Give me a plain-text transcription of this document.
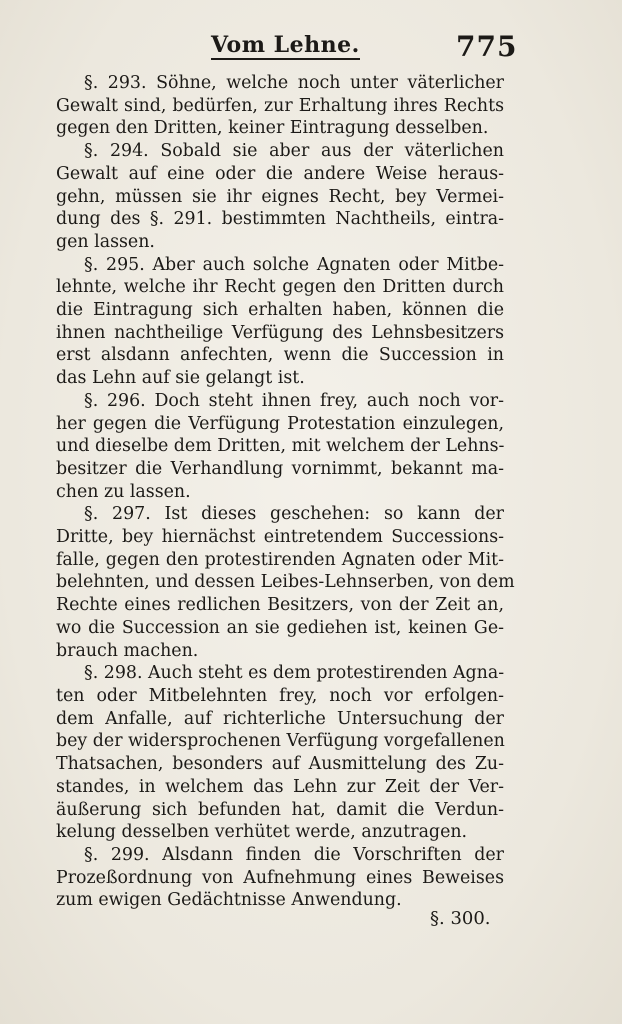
Vom Lehne.	775
§. 293. Söhne, welche noch unter väterlicher
Gewalt sind, bedürfen, zur Erhaltung ihres Rechts
gegen den Dritten, keiner Eintragung desselben.
§. 294. Sobald sie aber aus der väterlichen
Gewalt auf eine oder die andere Weise heraus-
gehn, müssen sie ihr eignes Recht, bey Vermei-
dung des §. 291. bestimmten Nachtheils, eintra-
gen lassen.
§. 295. Aber auch solche Agnaten oder Mitbe-
lehnte, welche ihr Recht gegen den Dritten durch
die Eintragung sich erhalten haben, können die
ihnen nachtheilige Verfügung des Lehnsbesitzers
erst alsdann anfechten, wenn die Succession in
das Lehn auf sie gelangt ist.
§. 296. Doch steht ihnen frey, auch noch vor-
her gegen die Verfügung Protestation einzulegen,
und dieselbe dem Dritten, mit welchem der Lehns-
besitzer die Verhandlung vornimmt, bekannt ma-
chen zu lassen.
§. 297. Ist dieses geschehen: so kann der
Dritte, bey hiernächst eintretendem Successions-
falle, gegen den protestirenden Agnaten oder Mit-
belehnten, und dessen Leibes-Lehnserben, von dem
Rechte eines redlichen Besitzers, von der Zeit an,
wo die Succession an sie gediehen ist, keinen Ge-
brauch machen.
§. 298. Auch steht es dem protestirenden Agna-
ten oder Mitbelehnten frey, noch vor erfolgen-
dem Anfalle, auf richterliche Untersuchung der
bey der widersprochenen Verfügung vorgefallenen
Thatsachen, besonders auf Ausmittelung des Zu-
standes, in welchem das Lehn zur Zeit der Ver-
äußerung sich befunden hat, damit die Verdun-
kelung desselben verhütet werde, anzutragen.
§. 299. Alsdann finden die Vorschriften der
Prozeßordnung von Aufnehmung eines Beweises
zum ewigen Gedächtnisse Anwendung.
§. 300.
